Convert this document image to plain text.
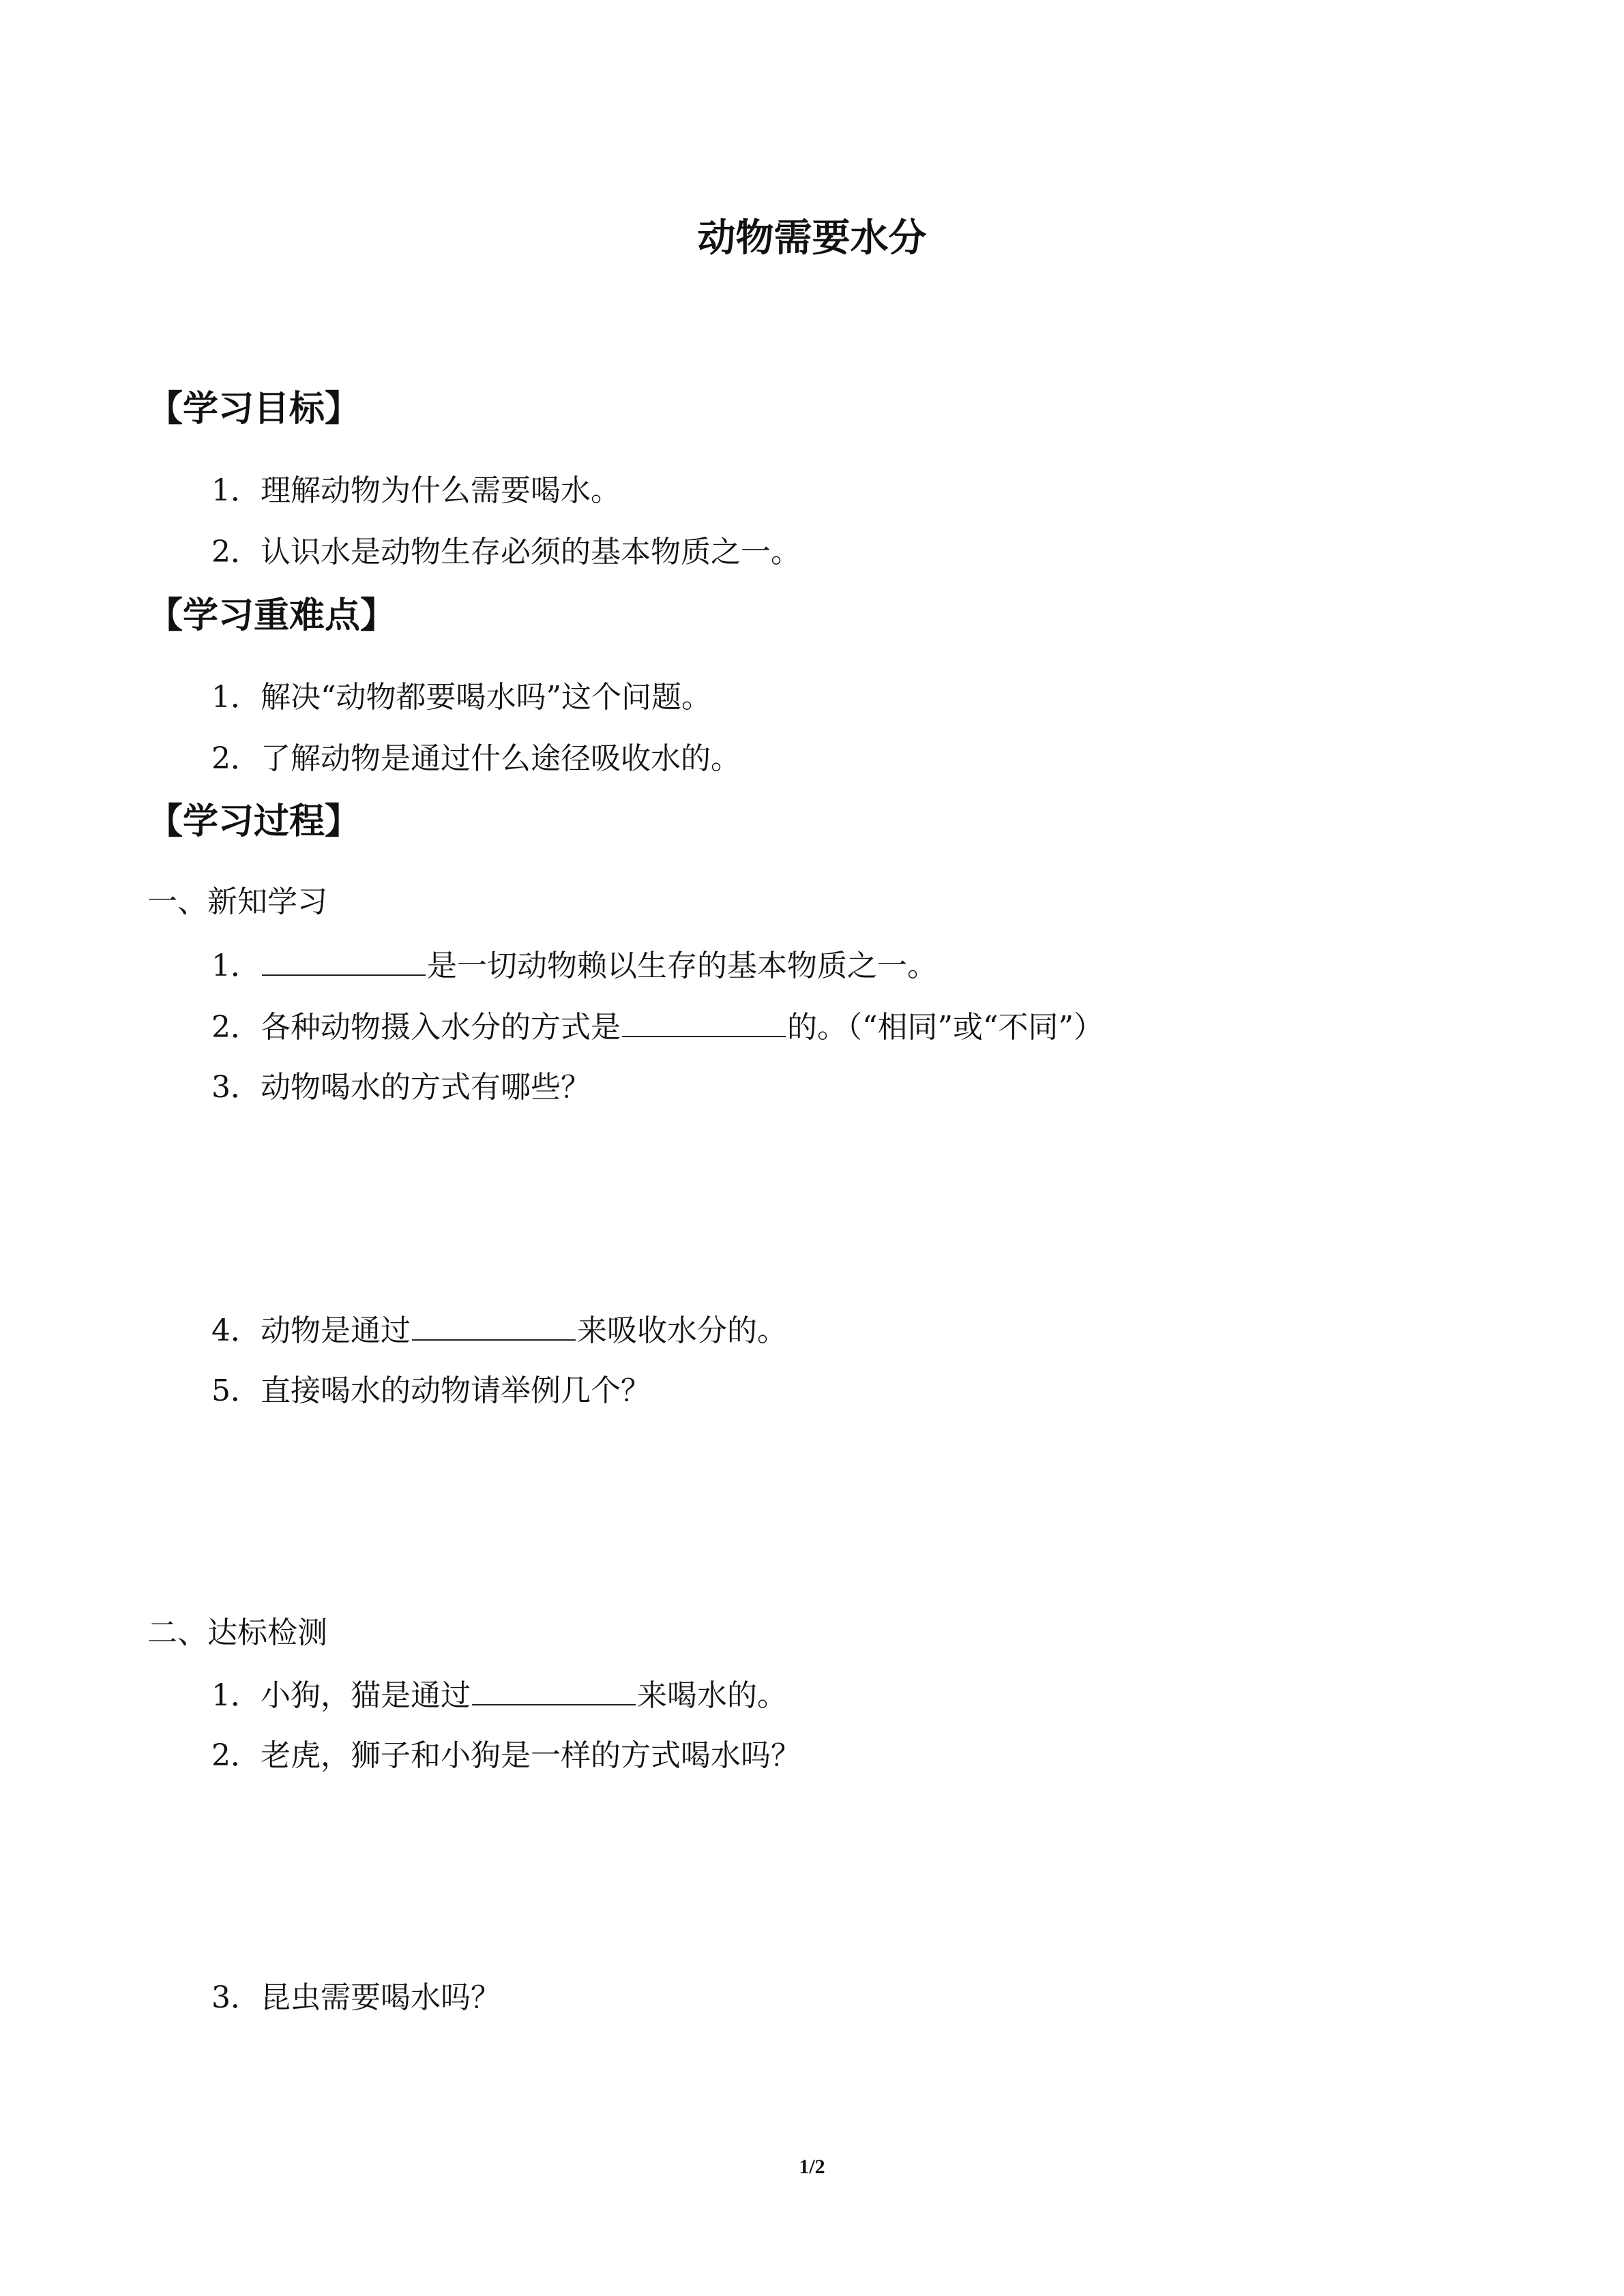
动物需要水分
【学习目标】
1．理解动物为什么需要喝水。
2．认识水是动物生存必须的基本物质之一。
【学习重难点】
1．解决“动物都要喝水吗”这个问题。
2．了解动物是通过什么途径吸收水的。
【学习过程】
一、新知学习
1．	是一切动物赖以生存的基本物质之一。
2．各种动物摄入水分的方式是	的。（“相同”或“不同”）
3．动物喝水的方式有哪些？
4．动物是通过	来吸收水分的。
5．直接喝水的动物请举例几个？
二、达标检测
1．小狗，猫是通过	来喝水的。
2．老虎，狮子和小狗是一样的方式喝水吗？
3．昆虫需要喝水吗？
1/2
